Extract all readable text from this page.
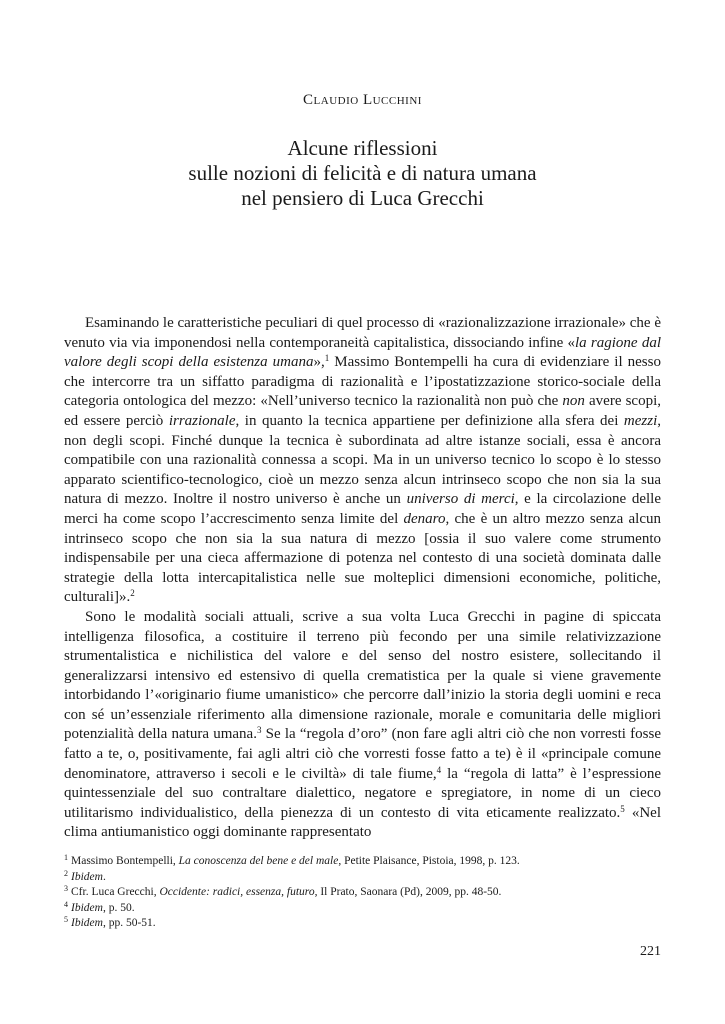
Claudio Lucchini
Alcune riflessioni
sulle nozioni di felicità e di natura umana
nel pensiero di Luca Grecchi

Esaminando le caratteristiche peculiari di quel processo di «razionalizzazione irrazionale» che è venuto via via imponendosi nella contemporaneità capitalistica, dissociando infine «la ragione dal valore degli scopi della esistenza umana»,$^1$ Massimo Bontempelli ha cura di evidenziare il nesso che intercorre tra un siffatto paradigma di razionalità e l’ipostatizzazione storico-sociale della categoria ontologica del mezzo: «Nell’universo tecnico la razionalità non può che non avere scopi, ed essere perciò irrazionale, in quanto la tecnica appartiene per definizione alla sfera dei mezzi, non degli scopi. Finché dunque la tecnica è subordinata ad altre istanze sociali, essa è ancora compatibile con una razionalità connessa a scopi. Ma in un universo tecnico lo scopo è lo stesso apparato scientifico-tecnologico, cioè un mezzo senza alcun intrinseco scopo che non sia la sua natura di mezzo. Inoltre il nostro universo è anche un universo di merci, e la circolazione delle merci ha come scopo l’accrescimento senza limite del denaro, che è un altro mezzo senza alcun intrinseco scopo che non sia la sua natura di mezzo [ossia il suo valere come strumento indispensabile per una cieca affermazione di potenza nel contesto di una società dominata dalle strategie della lotta intercapitalistica nelle sue molteplici dimensioni economiche, politiche, culturali]».$^2$

Sono le modalità sociali attuali, scrive a sua volta Luca Grecchi in pagine di spiccata intelligenza filosofica, a costituire il terreno più fecondo per una simile relativizzazione strumentalistica e nichilistica del valore e del senso del nostro esistere, sollecitando il generalizzarsi intensivo ed estensivo di quella crematistica per la quale si viene gravemente intorbidando l’«originario fiume umanistico» che percorre dall’inizio la storia degli uomini e reca con sé un’essenziale riferimento alla dimensione razionale, morale e comunitaria delle migliori potenzialità della natura umana.$^3$ Se la “regola d’oro” (non fare agli altri ciò che non vorresti fosse fatto a te, o, positivamente, fai agli altri ciò che vorresti fosse fatto a te) è il «principale comune denominatore, attraverso i secoli e le civiltà» di tale fiume,$^4$ la “regola di latta” è l’espressione quintessenziale del suo contraltare dialettico, negatore e spregiatore, in nome di un cieco utilitarismo individualistico, della pienezza di un contesto di vita eticamente realizzato.$^5$ «Nel clima antiumanistico oggi dominante rappresentato

$^1$ Massimo Bontempelli, La conoscenza del bene e del male, Petite Plaisance, Pistoia, 1998, p. 123.
$^2$ Ibidem.
$^3$ Cfr. Luca Grecchi, Occidente: radici, essenza, futuro, Il Prato, Saonara (Pd), 2009, pp. 48-50.
$^4$ Ibidem, p. 50.
$^5$ Ibidem, pp. 50-51.
221
